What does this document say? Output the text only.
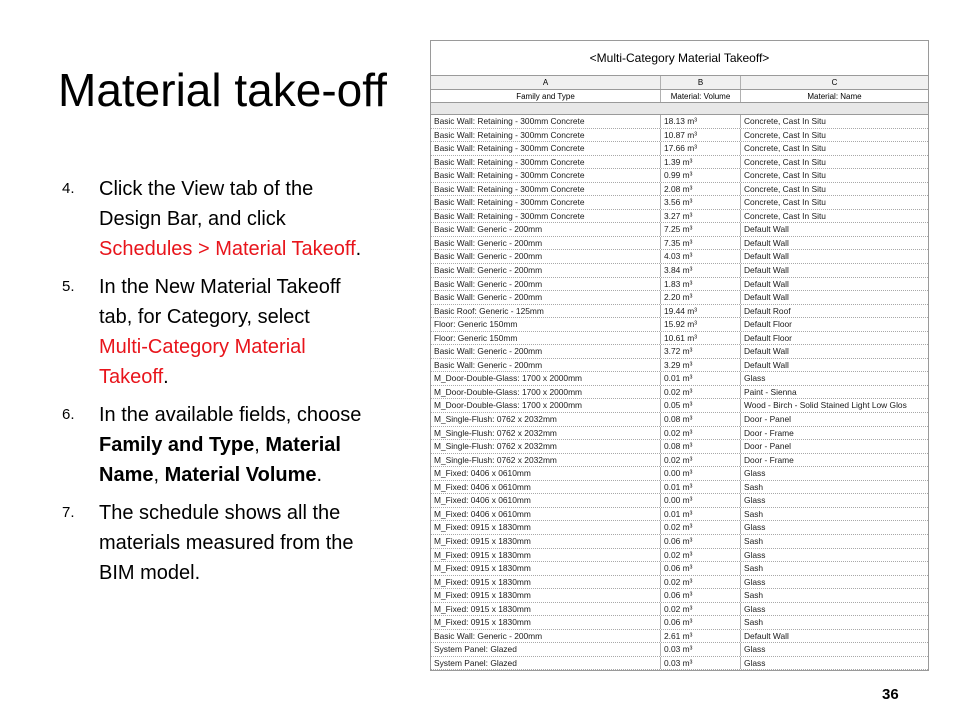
Material take-off
4. Click the View tab of the Design Bar, and click Schedules > Material Takeoff.
5. In the New Material Takeoff tab, for Category, select Multi-Category Material Takeoff.
6. In the available fields, choose Family and Type, Material Name, Material Volume.
7. The schedule shows all the materials measured from the BIM model.
<Multi-Category Material Takeoff>
A	B	C
Family and Type	Material: Volume	Material: Name
Basic Wall: Retaining - 300mm Concrete	18.13 m³	Concrete, Cast In Situ
Basic Wall: Retaining - 300mm Concrete	10.87 m³	Concrete, Cast In Situ
Basic Wall: Retaining - 300mm Concrete	17.66 m³	Concrete, Cast In Situ
Basic Wall: Retaining - 300mm Concrete	1.39 m³	Concrete, Cast In Situ
Basic Wall: Retaining - 300mm Concrete	0.99 m³	Concrete, Cast In Situ
Basic Wall: Retaining - 300mm Concrete	2.08 m³	Concrete, Cast In Situ
Basic Wall: Retaining - 300mm Concrete	3.56 m³	Concrete, Cast In Situ
Basic Wall: Retaining - 300mm Concrete	3.27 m³	Concrete, Cast In Situ
Basic Wall: Generic - 200mm	7.25 m³	Default Wall
Basic Wall: Generic - 200mm	7.35 m³	Default Wall
Basic Wall: Generic - 200mm	4.03 m³	Default Wall
Basic Wall: Generic - 200mm	3.84 m³	Default Wall
Basic Wall: Generic - 200mm	1.83 m³	Default Wall
Basic Wall: Generic - 200mm	2.20 m³	Default Wall
Basic Roof: Generic - 125mm	19.44 m³	Default Roof
Floor: Generic 150mm	15.92 m³	Default Floor
Floor: Generic 150mm	10.61 m³	Default Floor
Basic Wall: Generic - 200mm	3.72 m³	Default Wall
Basic Wall: Generic - 200mm	3.29 m³	Default Wall
M_Door-Double-Glass: 1700 x 2000mm	0.01 m³	Glass
M_Door-Double-Glass: 1700 x 2000mm	0.02 m³	Paint - Sienna
M_Door-Double-Glass: 1700 x 2000mm	0.05 m³	Wood - Birch - Solid Stained Light Low Glos
M_Single-Flush: 0762 x 2032mm	0.08 m³	Door - Panel
M_Single-Flush: 0762 x 2032mm	0.02 m³	Door - Frame
M_Single-Flush: 0762 x 2032mm	0.08 m³	Door - Panel
M_Single-Flush: 0762 x 2032mm	0.02 m³	Door - Frame
M_Fixed: 0406 x 0610mm	0.00 m³	Glass
M_Fixed: 0406 x 0610mm	0.01 m³	Sash
M_Fixed: 0406 x 0610mm	0.00 m³	Glass
M_Fixed: 0406 x 0610mm	0.01 m³	Sash
M_Fixed: 0915 x 1830mm	0.02 m³	Glass
M_Fixed: 0915 x 1830mm	0.06 m³	Sash
M_Fixed: 0915 x 1830mm	0.02 m³	Glass
M_Fixed: 0915 x 1830mm	0.06 m³	Sash
M_Fixed: 0915 x 1830mm	0.02 m³	Glass
M_Fixed: 0915 x 1830mm	0.06 m³	Sash
M_Fixed: 0915 x 1830mm	0.02 m³	Glass
M_Fixed: 0915 x 1830mm	0.06 m³	Sash
Basic Wall: Generic - 200mm	2.61 m³	Default Wall
System Panel: Glazed	0.03 m³	Glass
System Panel: Glazed	0.03 m³	Glass
36
